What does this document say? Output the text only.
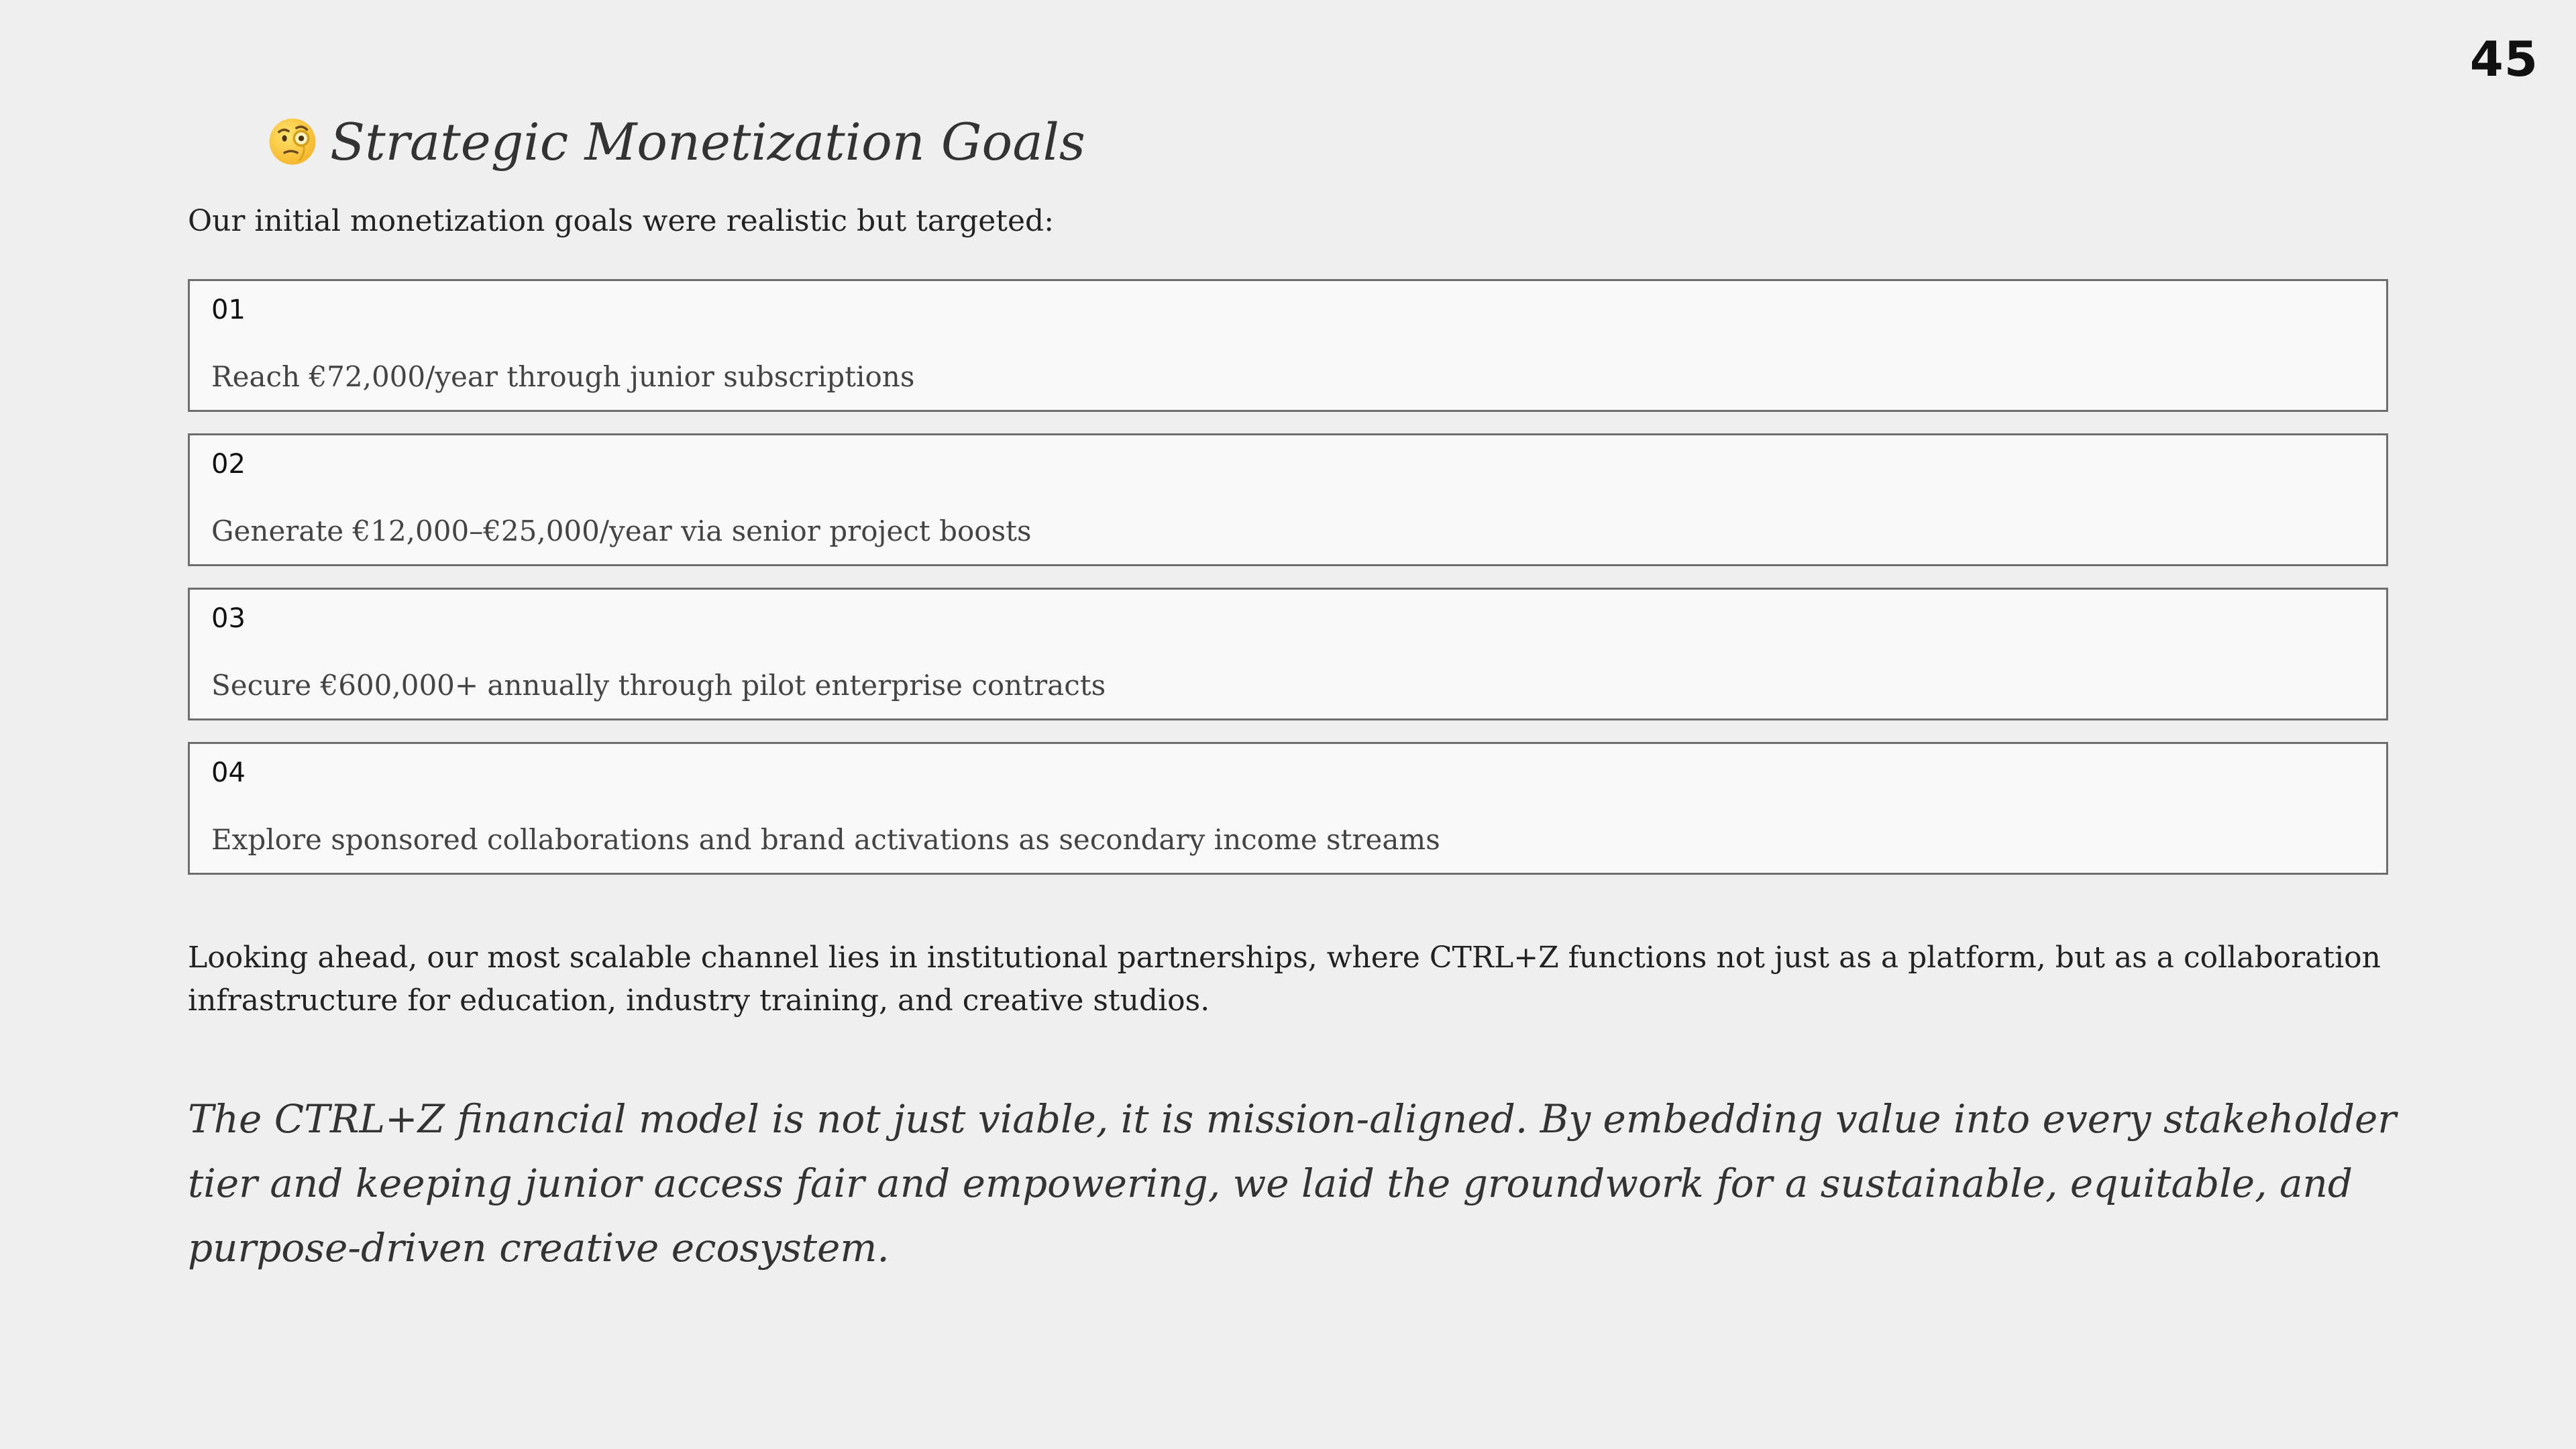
45
Strategic Monetization Goals
Our initial monetization goals were realistic but targeted:
01
Reach €72,000/year through junior subscriptions
02
Generate €12,000–€25,000/year via senior project boosts
03
Secure €600,000+ annually through pilot enterprise contracts
04
Explore sponsored collaborations and brand activations as secondary income streams
Looking ahead, our most scalable channel lies in institutional partnerships, where CTRL+Z functions not just as a platform, but as a collaboration infrastructure for education, industry training, and creative studios.
The CTRL+Z financial model is not just viable, it is mission-aligned. By embedding value into every stakeholder tier and keeping junior access fair and empowering, we laid the groundwork for a sustainable, equitable, and purpose-driven creative ecosystem.
